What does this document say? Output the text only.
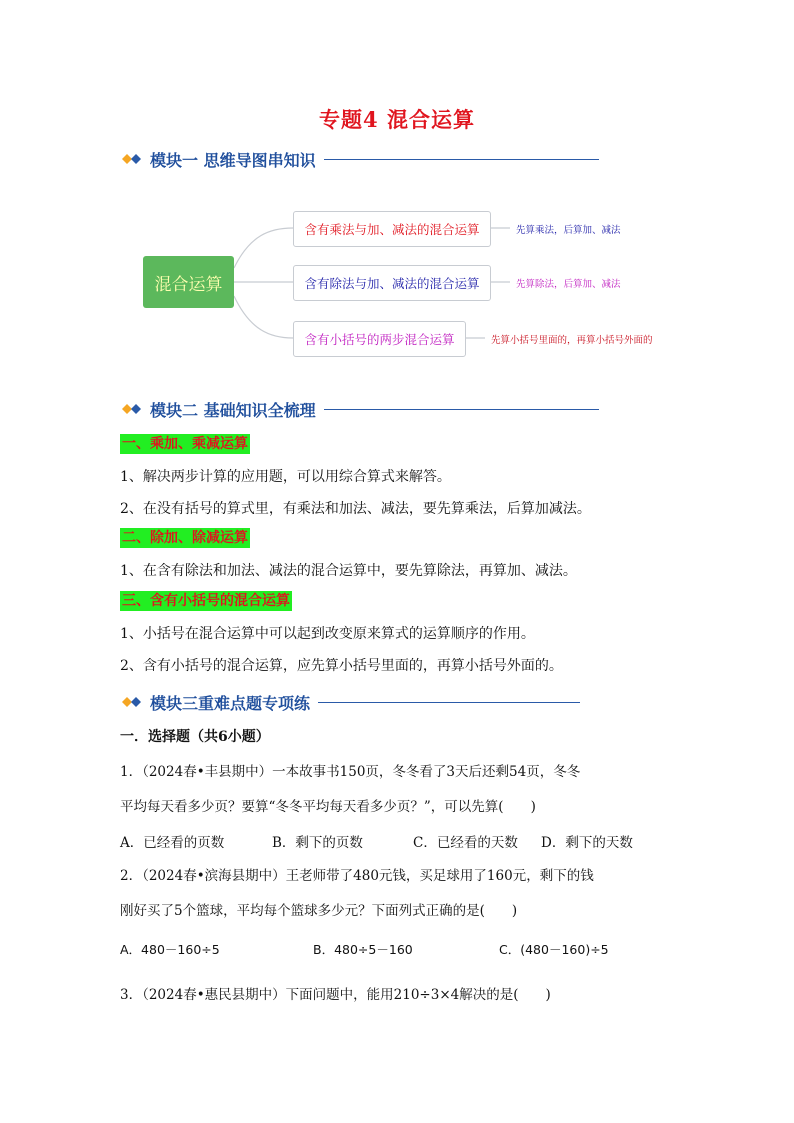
专题4 混合运算
模块一 思维导图串知识
混合运算
含有乘法与加、减法的混合运算	先算乘法，后算加、减法
含有除法与加、减法的混合运算	先算除法，后算加、减法
含有小括号的两步混合运算	先算小括号里面的，再算小括号外面的
模块二 基础知识全梳理
一、乘加、乘减运算
1、解决两步计算的应用题，可以用综合算式来解答。
2、在没有括号的算式里，有乘法和加法、减法，要先算乘法，后算加减法。
二、除加、除减运算
1、在含有除法和加法、减法的混合运算中，要先算除法，再算加、减法。
三、含有小括号的混合运算
1、小括号在混合运算中可以起到改变原来算式的运算顺序的作用。
2、含有小括号的混合运算，应先算小括号里面的，再算小括号外面的。
模块三重难点题专项练
一．选择题（共6小题）
1．（2024春•丰县期中）一本故事书150页，冬冬看了3天后还剩54页，冬冬
平均每天看多少页？要算“冬冬平均每天看多少页？”，可以先算(　　)
A．已经看的页数	B．剩下的页数	C．已经看的天数 D．剩下的天数
2．（2024春•滨海县期中）王老师带了480元钱，买足球用了160元，剩下的钱
刚好买了5个篮球，平均每个篮球多少元？下面列式正确的是(　　)
A．480－160÷5	B．480÷5－160	C．(480－160)÷5
3．（2024春•惠民县期中）下面问题中，能用210÷3×4解决的是(　　)
